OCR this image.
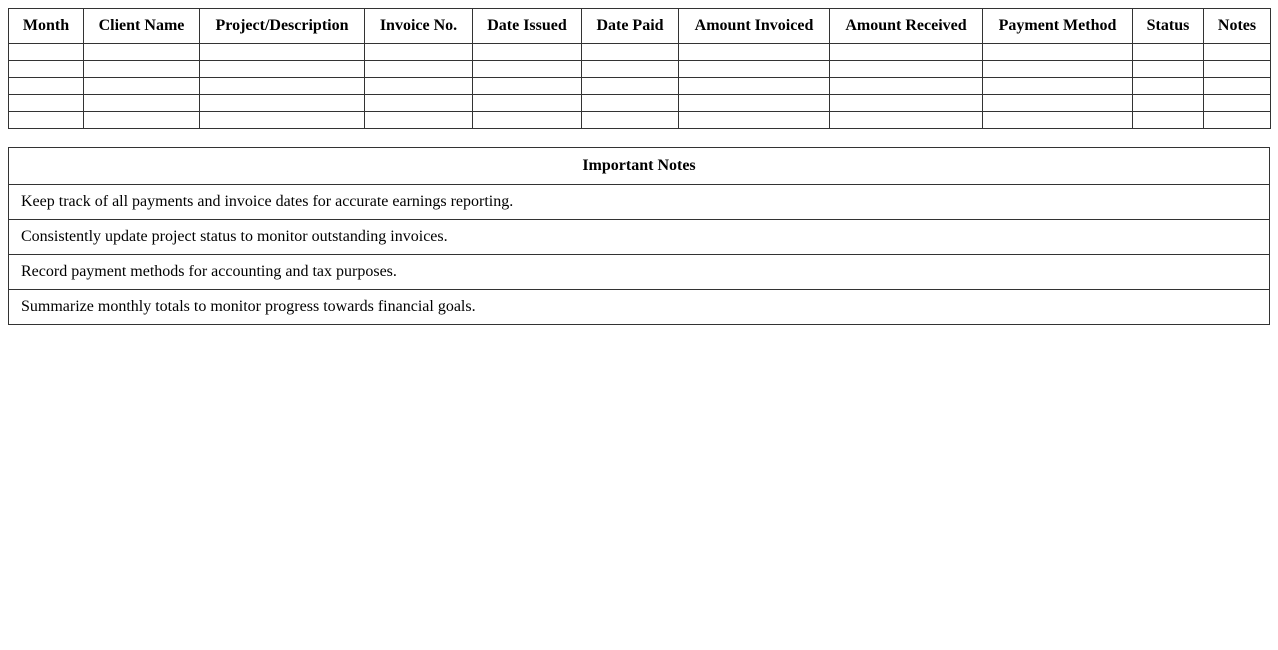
Month	Client Name	Project/Description	Invoice No.	Date Issued	Date Paid	Amount Invoiced	Amount Received	Payment Method	Status	Notes

Important Notes
Keep track of all payments and invoice dates for accurate earnings reporting.
Consistently update project status to monitor outstanding invoices.
Record payment methods for accounting and tax purposes.
Summarize monthly totals to monitor progress towards financial goals.
